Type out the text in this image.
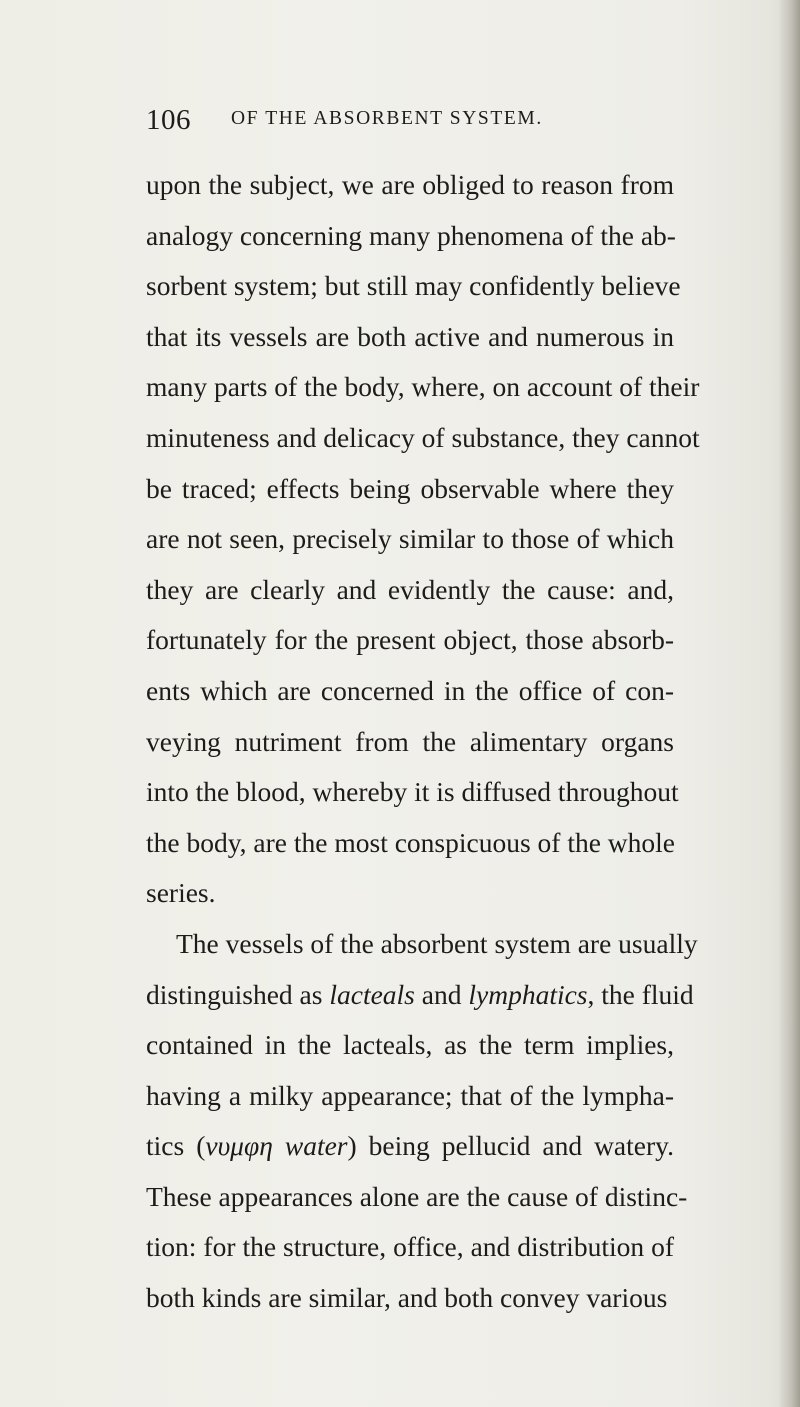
106 OF THE ABSORBENT SYSTEM.
upon the subject, we are obliged to reason from
analogy concerning many phenomena of the ab-
sorbent system; but still may confidently believe
that its vessels are both active and numerous in
many parts of the body, where, on account of their
minuteness and delicacy of substance, they cannot
be traced; effects being observable where they
are not seen, precisely similar to those of which
they are clearly and evidently the cause: and,
fortunately for the present object, those absorb-
ents which are concerned in the office of con-
veying nutriment from the alimentary organs
into the blood, whereby it is diffused throughout
the body, are the most conspicuous of the whole
series.
The vessels of the absorbent system are usually
distinguished as lacteals and lymphatics, the fluid
contained in the lacteals, as the term implies,
having a milky appearance; that of the lympha-
tics (νυμφη water) being pellucid and watery.
These appearances alone are the cause of distinc-
tion: for the structure, office, and distribution of
both kinds are similar, and both convey various
